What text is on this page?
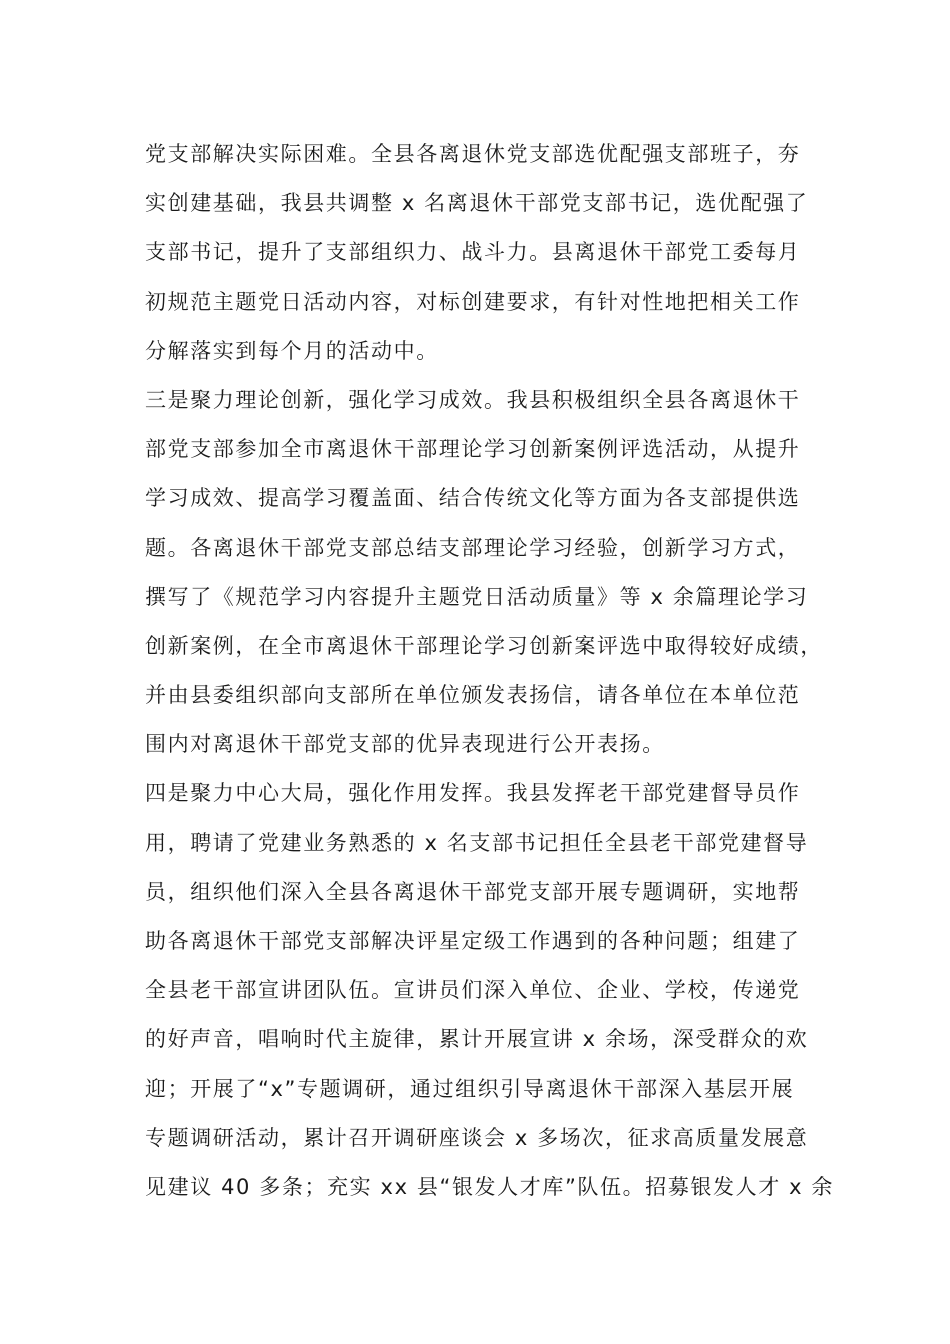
党支部解决实际困难。全县各离退休党支部选优配强支部班子，夯
实创建基础，我县共调整 x 名离退休干部党支部书记，选优配强了
支部书记，提升了支部组织力、战斗力。县离退休干部党工委每月
初规范主题党日活动内容，对标创建要求，有针对性地把相关工作
分解落实到每个月的活动中。
三是聚力理论创新，强化学习成效。我县积极组织全县各离退休干
部党支部参加全市离退休干部理论学习创新案例评选活动，从提升
学习成效、提高学习覆盖面、结合传统文化等方面为各支部提供选
题。各离退休干部党支部总结支部理论学习经验，创新学习方式，
撰写了《规范学习内容提升主题党日活动质量》等 x 余篇理论学习
创新案例，在全市离退休干部理论学习创新案评选中取得较好成绩，
并由县委组织部向支部所在单位颁发表扬信，请各单位在本单位范
围内对离退休干部党支部的优异表现进行公开表扬。
四是聚力中心大局，强化作用发挥。我县发挥老干部党建督导员作
用，聘请了党建业务熟悉的 x 名支部书记担任全县老干部党建督导
员，组织他们深入全县各离退休干部党支部开展专题调研，实地帮
助各离退休干部党支部解决评星定级工作遇到的各种问题；组建了
全县老干部宣讲团队伍。宣讲员们深入单位、企业、学校，传递党
的好声音，唱响时代主旋律，累计开展宣讲 x 余场，深受群众的欢
迎；开展了“x”专题调研，通过组织引导离退休干部深入基层开展
专题调研活动，累计召开调研座谈会 x 多场次，征求高质量发展意
见建议 40 多条；充实 xx 县“银发人才库”队伍。招募银发人才 x 余
